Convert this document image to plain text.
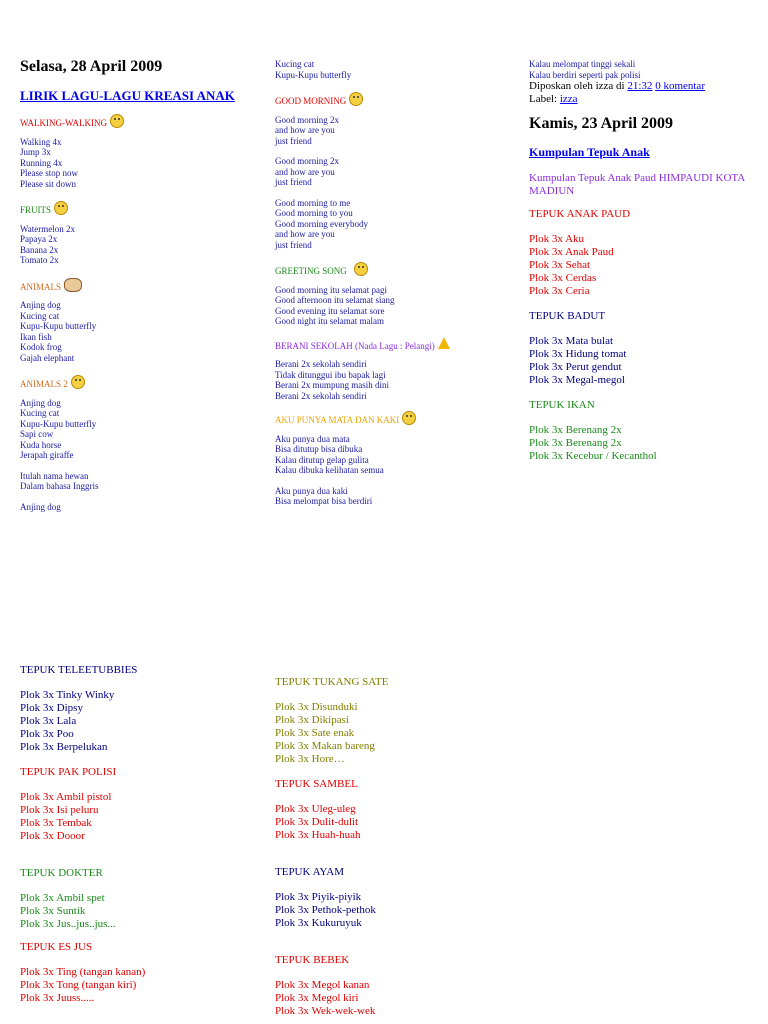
Selasa, 28 April 2009
LIRIK LAGU-LAGU KREASI ANAK
WALKING-WALKING
Walking 4x
Jump 3x
Running 4x
Please stop now
Please sit down
FRUITS
Watermelon 2x
Papaya 2x
Banana 2x
Tomato 2x
ANIMALS
Anjing dog
Kucing cat
Kupu-Kupu butterfly
Ikan fish
Kodok frog
Gajah elephant
ANIMALS 2
Anjing dog
Kucing cat
Kupu-Kupu butterfly
Sapi cow
Kuda horse
Jerapah giraffe
Itulah nama hewan
Dalam bahasa Inggris
Anjing dog
Kucing cat
Kupu-Kupu butterfly
GOOD MORNING
Good morning 2x
and how are you
just friend
Good morning 2x
and how are you
just friend
Good morning to me
Good morning to you
Good morning everybody
and how are you
just friend
GREETING SONG
Good morning itu selamat pagi
Good afternoon itu selamat siang
Good evening itu selamat sore
Good night itu selamat malam
BERANI SEKOLAH (Nada Lagu : Pelangi)
Berani 2x sekolah sendiri
Tidak ditunggui ibu bapak lagi
Berani 2x mumpung masih dini
Berani 2x sekolah sendiri
AKU PUNYA MATA DAN KAKI
Aku punya dua mata
Bisa ditutup bisa dibuka
Kalau ditutup gelap gulita
Kalau dibuka kelihatan semua
Aku punya dua kaki
Bisa melompat bisa berdiri
Kalau melompat tinggi sekali
Kalau berdiri seperti pak polisi
Diposkan oleh izza di 21:32 0 komentar
Label: izza
Kamis, 23 April 2009
Kumpulan Tepuk Anak
Kumpulan Tepuk Anak Paud HIMPAUDI KOTA
MADIUN
TEPUK ANAK PAUD
Plok 3x Aku
Plok 3x Anak Paud
Plok 3x Sehat
Plok 3x Cerdas
Plok 3x Ceria
TEPUK BADUT
Plok 3x Mata bulat
Plok 3x Hidung tomat
Plok 3x Perut gendut
Plok 3x Megal-megol
TEPUK IKAN
Plok 3x Berenang 2x
Plok 3x Berenang 2x
Plok 3x Kecebur / Kecanthol
TEPUK TELEETUBBIES
Plok 3x Tinky Winky
Plok 3x Dipsy
Plok 3x Lala
Plok 3x Poo
Plok 3x Berpelukan
TEPUK PAK POLISI
Plok 3x Ambil pistol
Plok 3x Isi peluru
Plok 3x Tembak
Plok 3x Dooor
TEPUK DOKTER
Plok 3x Ambil spet
Plok 3x Suntik
Plok 3x Jus..jus..jus...
TEPUK ES JUS
Plok 3x Ting (tangan kanan)
Plok 3x Tong (tangan kiri)
Plok 3x Juuss.....
TEPUK TUKANG SATE
Plok 3x Disunduki
Plok 3x Dikipasi
Plok 3x Sate enak
Plok 3x Makan bareng
Plok 3x Hore…
TEPUK SAMBEL
Plok 3x Uleg-uleg
Plok 3x Dulit-dulit
Plok 3x Huah-huah
TEPUK AYAM
Plok 3x Piyik-piyik
Plok 3x Pethok-pethok
Plok 3x Kukuruyuk
TEPUK BEBEK
Plok 3x Megol kanan
Plok 3x Megol kiri
Plok 3x Wek-wek-wek
